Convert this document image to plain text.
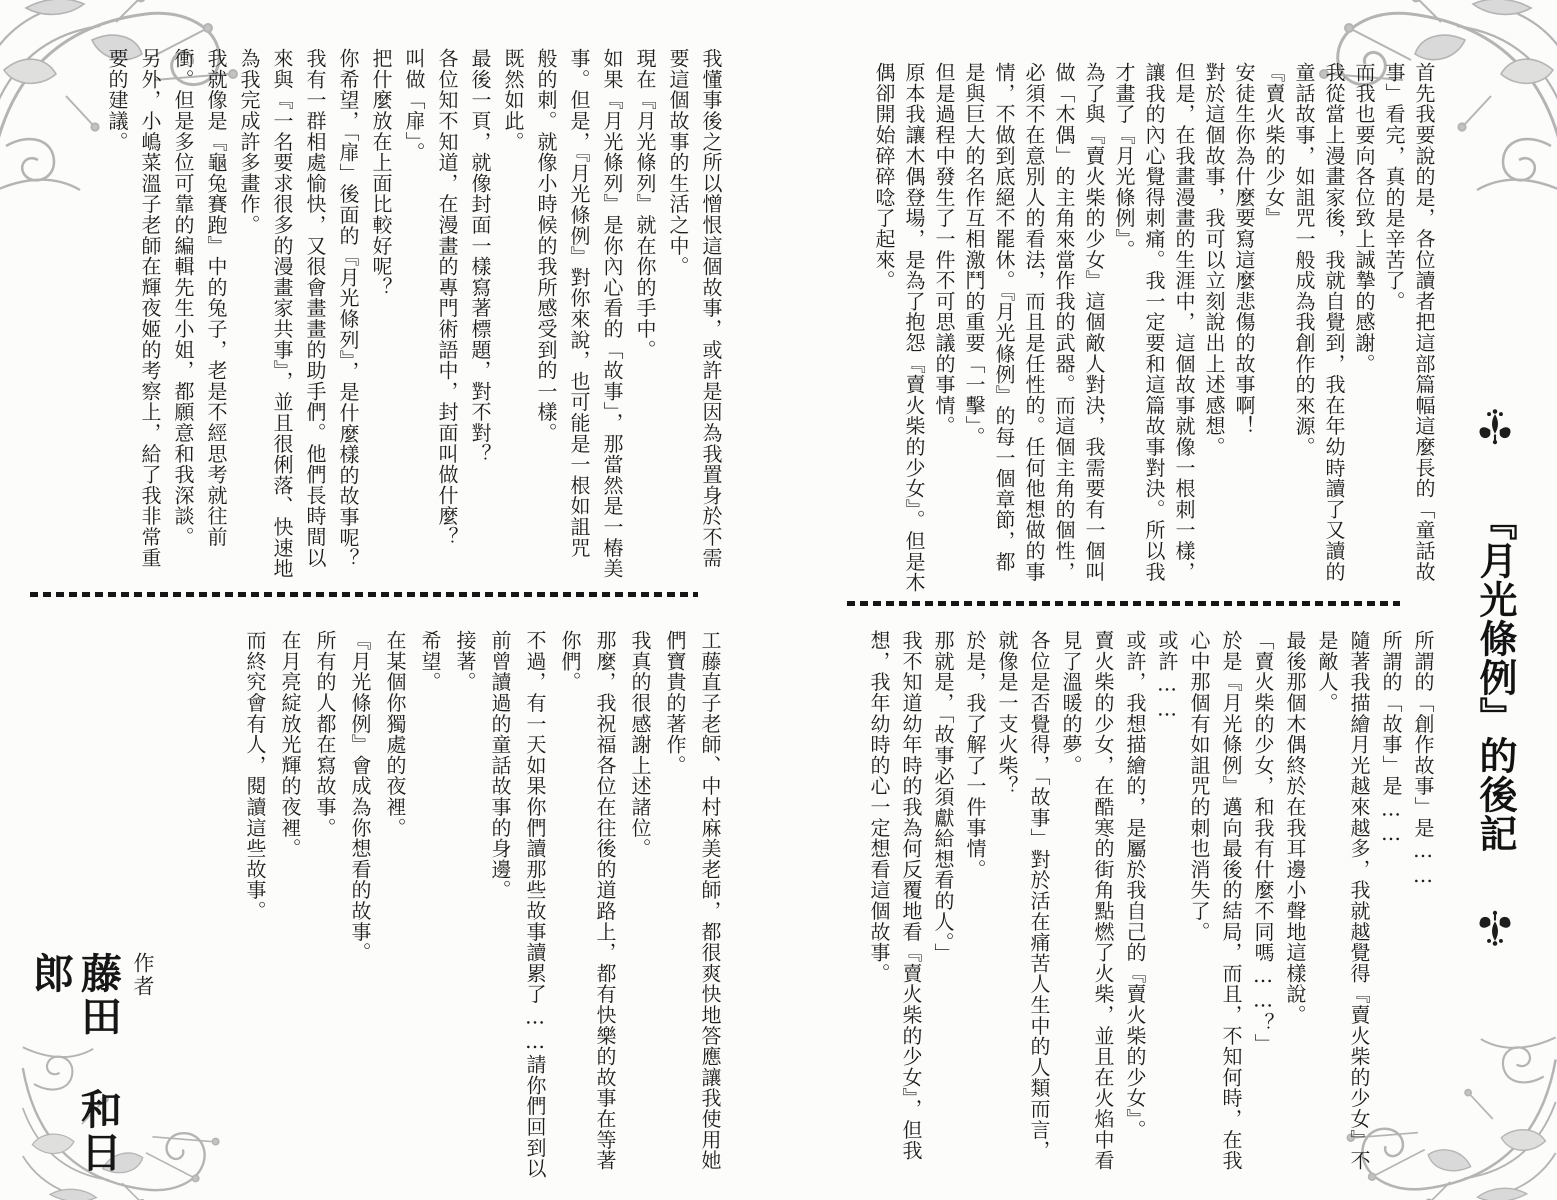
『月光條例』的後記
首先我要說的是，各位讀者把這部篇幅這麼長的「童話故
事」看完，真的是辛苦了。
而我也要向各位致上誠摯的感謝。
我從當上漫畫家後，我就自覺到，我在年幼時讀了又讀的
童話故事，如詛咒一般成為我創作的來源。
『賣火柴的少女』
安徒生你為什麼要寫這麼悲傷的故事啊！
對於這個故事，我可以立刻說出上述感想。
但是，在我畫漫畫的生涯中，這個故事就像一根刺一樣，
讓我的內心覺得刺痛。我一定要和這篇故事對決。所以我
才畫了『月光條例』。
為了與『賣火柴的少女』這個敵人對決，我需要有一個叫
做「木偶」的主角來當作我的武器。而這個主角的個性，
必須不在意別人的看法，而且是任性的。任何他想做的事
情，不做到底絕不罷休。『月光條例』的每一個章節，都
是與巨大的名作互相激鬥的重要「一擊」。
但是過程中發生了一件不可思議的事情。
原本我讓木偶登場，是為了抱怨『賣火柴的少女』。但是木
偶卻開始碎碎唸了起來。
所謂的「創作故事」是……
所謂的「故事」是……
隨著我描繪月光越來越多，我就越覺得『賣火柴的少女』不
是敵人。
最後那個木偶終於在我耳邊小聲地這樣說。
「賣火柴的少女，和我有什麼不同嗎……？」
於是『月光條例』邁向最後的結局，而且，不知何時，在我
心中那個有如詛咒的刺也消失了。
或許……
或許，我想描繪的，是屬於我自己的『賣火柴的少女』。
賣火柴的少女，在酷寒的街角點燃了火柴，並且在火焰中看
見了溫暖的夢。
各位是否覺得，「故事」對於活在痛苦人生中的人類而言，
就像是一支火柴？
於是，我了解了一件事情。
那就是，「故事必須獻給想看的人。」
我不知道幼年時的我為何反覆地看『賣火柴的少女』，但我
想，我年幼時的心一定想看這個故事。
我懂事後之所以憎恨這個故事，或許是因為我置身於不需
要這個故事的生活之中。
現在『月光條列』就在你的手中。
如果『月光條列』是你內心看的「故事」，那當然是一樁美
事。但是，『月光條例』對你來說，也可能是一根如詛咒
般的刺。就像小時候的我所感受到的一樣。
既然如此。
最後一頁，就像封面一樣寫著標題，對不對？
各位知不知道，在漫畫的專門術語中，封面叫做什麼？
叫做「扉」。
把什麼放在上面比較好呢？
你希望，「扉」後面的『月光條列』，是什麼樣的故事呢？
我有一群相處愉快，又很會畫畫的助手們。他們長時間以
來與『一名要求很多的漫畫家共事』，並且很俐落、快速地
為我完成許多畫作。
我就像是『龜兔賽跑』中的兔子，老是不經思考就往前
衝。但是多位可靠的編輯先生小姐，都願意和我深談。
另外，小嶋菜溫子老師在輝夜姬的考察上，給了我非常重
要的建議。
工藤直子老師、中村麻美老師，都很爽快地答應讓我使用她
們寶貴的著作。
我真的很感謝上述諸位。
那麼，我祝福各位在往後的道路上，都有快樂的故事在等著
你們。
不過，有一天如果你們讀那些故事讀累了……請你們回到以
前曾讀過的童話故事的身邊。
接著。
希望。
在某個你獨處的夜裡。
『月光條例』會成為你想看的故事。
所有的人都在寫故事。
在月亮綻放光輝的夜裡。
而終究會有人，閱讀這些故事。
作者
藤田 和日郎
